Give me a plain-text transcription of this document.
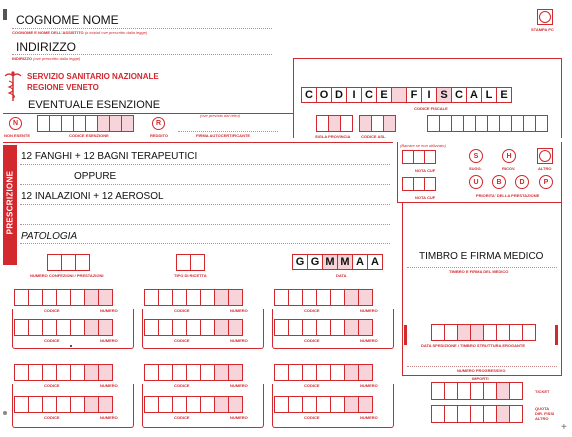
COGNOME NOME
COGNOME E NOME DELL'ASSISTITO (o iniziali ove prescritto dalla legge)
INDIRIZZO
INDIRIZZO (ove prescritto dalla legge)
STAMPA PC
SERVIZIO SANITARIO NAZIONALE
REGIONE VENETO
C O D I C E	F I S C A L E
CODICE FISCALE
EVENTUALE ESENZIONE
N
NON ESENTE	CODICE ESENZIONE
R
REDDITO
(ove previsto dal retro)
FIRMA AUTOCERTIFICANTE	SIGLA PROVINCIA	CODICE ASL
PRESCRIZIONE
12 FANGHI + 12 BAGNI TERAPEUTICI
OPPURE
12 INALAZIONI + 12 AEROSOL
PATOLOGIA
(Barrare se non utilizzato)
NOTA CUF
NOTA CUF
S
SUGG.
H
RICOV.	ALTRO
U	B	D	P
PRIORITA' DELLA PRESTAZIONE
NUMERO CONFEZIONI / PRESTAZIONI	TIPO DI RICETTA
G G M M A A
DATA
TIMBRO E FIRMA MEDICO
TIMBRO E FIRMA DEL MEDICO
DATA SPEDIZIONE / TIMBRO STRUTTURA EROGANTE
NUMERO PROGRESSIVO
IMPORTI
TICKET
QUOTA
DIR. FISSI
ALTRO
+
CODICE	NUMERO
CODICE	NUMERO
CODICE	NUMERO
CODICE	NUMERO
CODICE	NUMERO
CODICE	NUMERO
CODICE	NUMERO
CODICE	NUMERO
CODICE	NUMERO
CODICE	NUMERO
CODICE	NUMERO
CODICE	NUMERO
